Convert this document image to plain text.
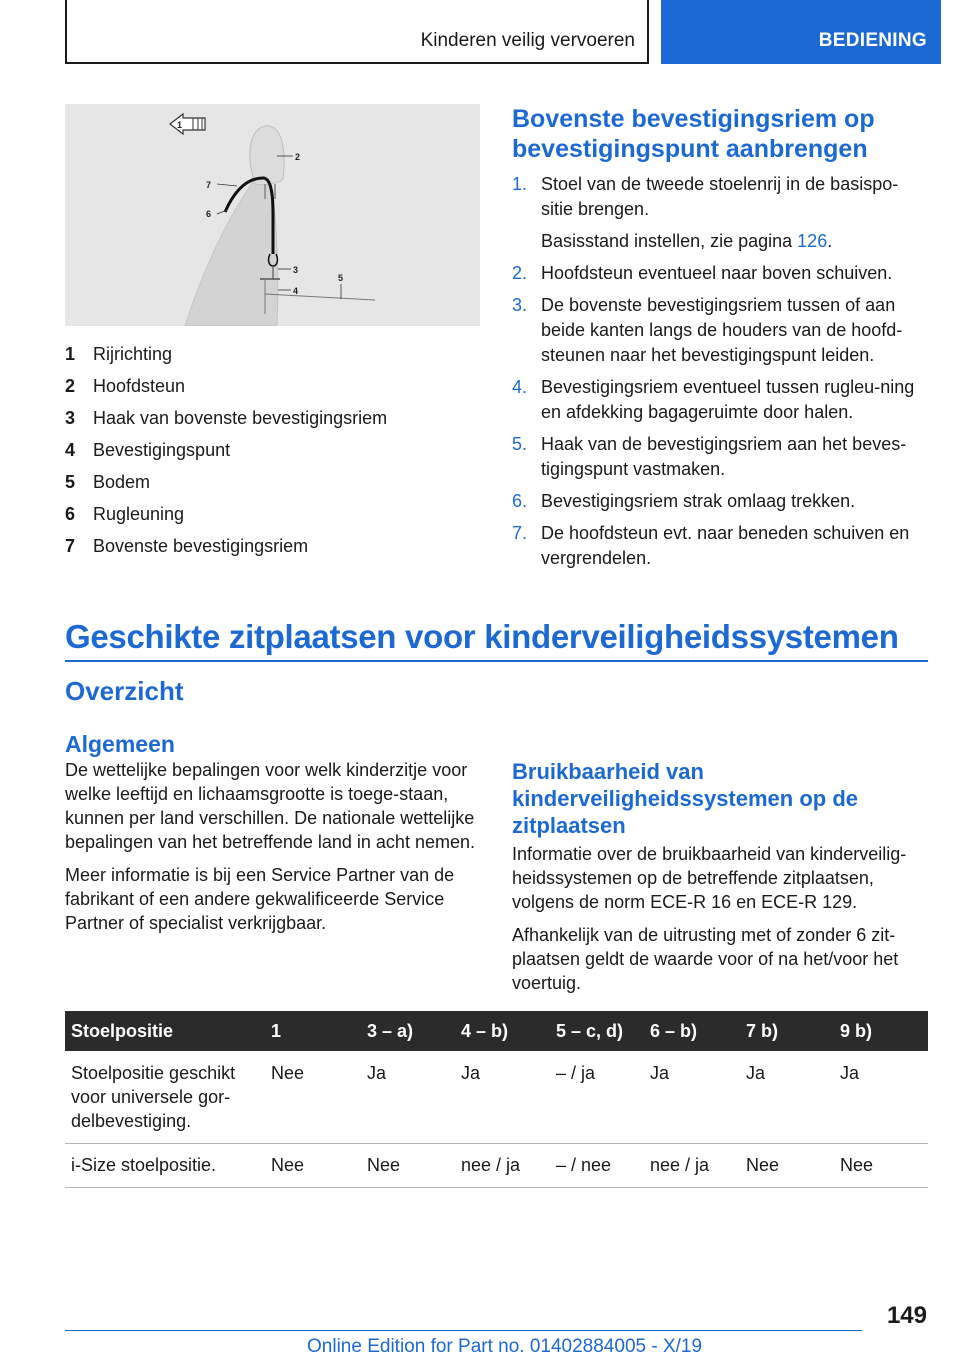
Kinderen veilig vervoeren	BEDIENING
1
2
7
6
3
4
5
1 Rijrichting
2 Hoofdsteun
3 Haak van bovenste bevestigingsriem
4 Bevestigingspunt
5 Bodem
6 Rugleuning
7 Bovenste bevestigingsriem
Bovenste bevestigingsriem op bevestigingspunt aanbrengen
1. Stoel van de tweede stoelenrij in de basispo-sitie brengen.
Basisstand instellen, zie pagina 126.
2. Hoofdsteun eventueel naar boven schuiven.
3. De bovenste bevestigingsriem tussen of aan beide kanten langs de houders van de hoofd-steunen naar het bevestigingspunt leiden.
4. Bevestigingsriem eventueel tussen rugleu-ning en afdekking bagageruimte door halen.
5. Haak van de bevestigingsriem aan het beves-tigingspunt vastmaken.
6. Bevestigingsriem strak omlaag trekken.
7. De hoofdsteun evt. naar beneden schuiven en vergrendelen.
Geschikte zitplaatsen voor kinderveiligheidssystemen
Overzicht
Algemeen

De wettelijke bepalingen voor welk kinderzitje voor welke leeftijd en lichaamsgrootte is toege-staan, kunnen per land verschillen. De nationale wettelijke bepalingen van het betreffende land in acht nemen.

Meer informatie is bij een Service Partner van de fabrikant of een andere gekwalificeerde Service Partner of specialist verkrijgbaar.

Bruikbaarheid van kinderveiligheidssystemen op de zitplaatsen

Informatie over de bruikbaarheid van kinderveilig-heidssystemen op de betreffende zitplaatsen, volgens de norm ECE-R 16 en ECE-R 129.

Afhankelijk van de uitrusting met of zonder 6 zit-plaatsen geldt de waarde voor of na het/voor het voertuig.

Stoelpositie	1	3 – a)	4 – b)	5 – c, d)	6 – b)	7 b)	9 b)
Stoelpositie geschikt voor universele gor-delbevestiging.	Nee	Ja	Ja	– / ja	Ja	Ja	Ja
i-Size stoelpositie.	Nee	Nee	nee / ja	– / nee	nee / ja	Nee	Nee
149
Online Edition for Part no. 01402884005 - X/19
